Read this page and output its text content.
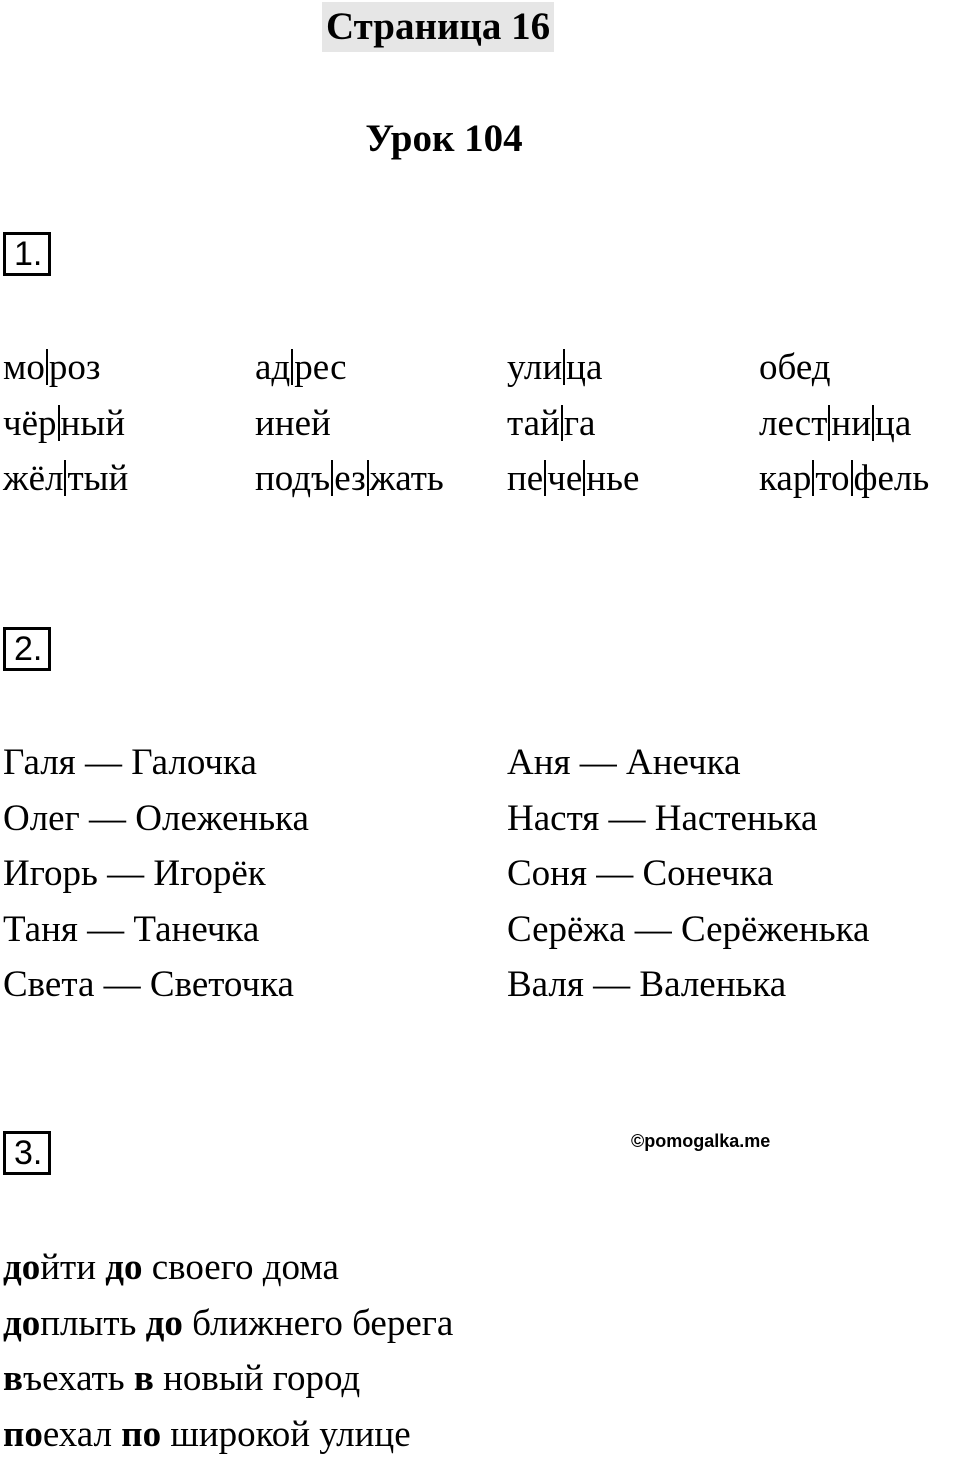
Страница 16
Урок 104
1.
мо роз	ад рес	ули ца	обед
чёр ный	иней	тай га	лест ни ца
жёл тый	подъ ез жать	пе че нье	кар то фель
2.
Галя — Галочка	Аня — Анечка
Олег — Олеженька	Настя — Настенька
Игорь — Игорёк	Соня — Сонечка
Таня — Танечка	Серёжа — Серёженька
Света — Светочка	Валя — Валенька
3.	©pomogalka.me
дойти до своего дома
доплыть до ближнего берега
въехать в новый город
поехал по широкой улице
